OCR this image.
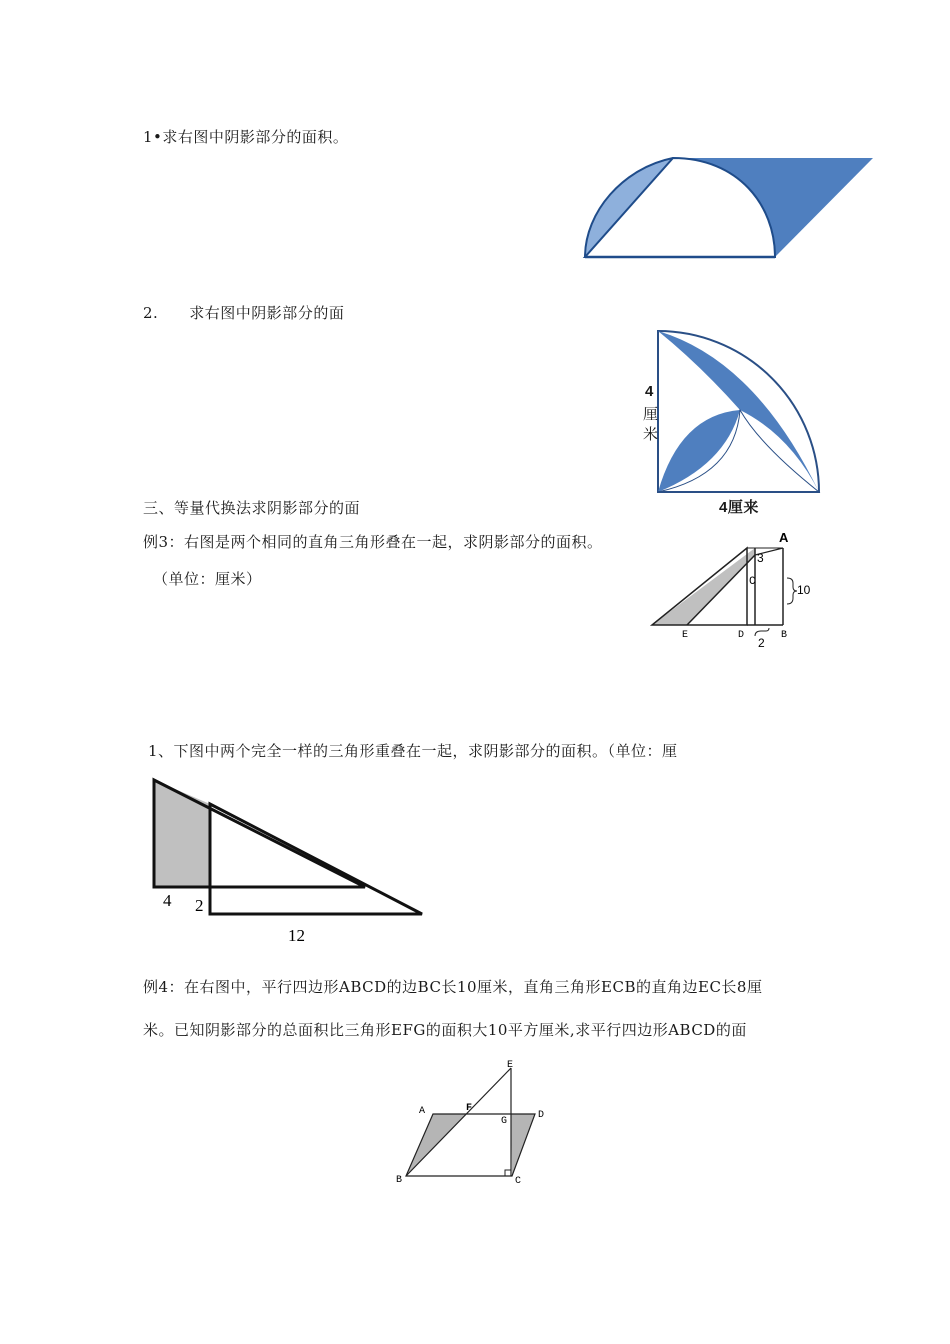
1•求右图中阴影部分的面积。
2.　　求右图中阴影部分的面
4
厘
米
4厘来
三、等量代换法求阴影部分的面
例3：右图是两个相同的直角三角形叠在一起，求阴影部分的面积。
（单位：厘米）
A
3
C
10
E	D	B
2
1、下图中两个完全一样的三角形重叠在一起，求阴影部分的面积。（单位：厘
4 2
12
例4：在右图中，平行四边形ABCD的边BC长10厘米，直角三角形ECB的直角边EC长8厘
米。已知阴影部分的总面积比三角形EFG的面积大10平方厘米,求平行四边形ABCD的面
E
A	F
G
D
B	C
